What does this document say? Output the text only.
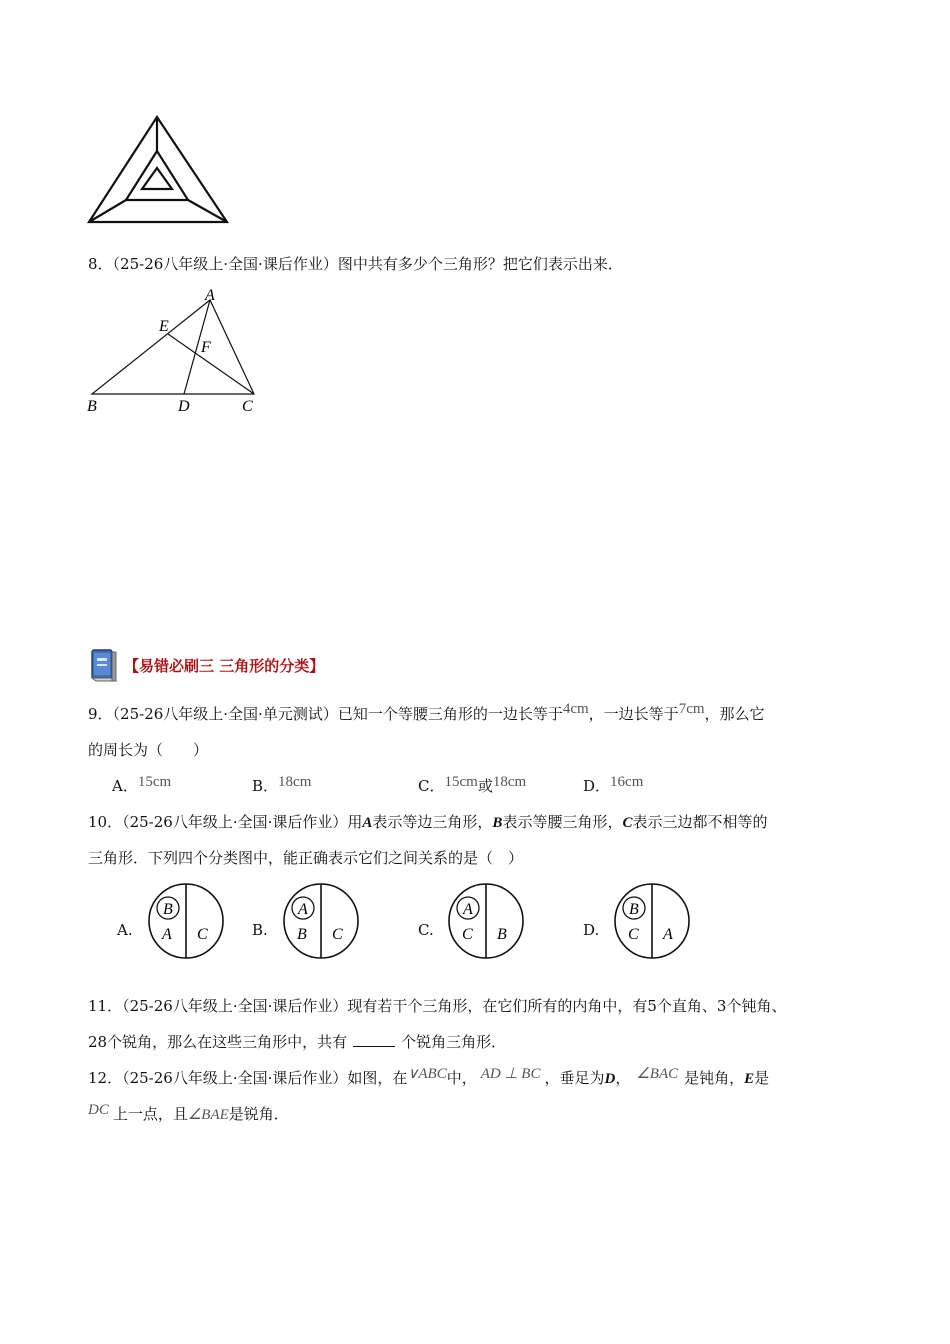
8．（25-26八年级上·全国·课后作业）图中共有多少个三角形？把它们表示出来．
A
E
F
B	D	C
【易错必刷三 三角形的分类】
9．（25-26八年级上·全国·单元测试）已知一个等腰三角形的一边长等于4cm，一边长等于7cm，那么它
的周长为（　　）
A．15cm	B．18cm	C．15cm或18cm	D．16cm
10．（25-26八年级上·全国·课后作业）用A表示等边三角形，B表示等腰三角形，C表示三边都不相等的
三角形．下列四个分类图中，能正确表示它们之间关系的是（　）
A.
B
A C	B.
A
B C	C.
A
C B	D.
B
C A
11．（25-26八年级上·全国·课后作业）现有若干个三角形，在它们所有的内角中，有5个直角、3个钝角、
28个锐角，那么在这些三角形中，共有	个锐角三角形．
12．（25-26八年级上·全国·课后作业）如图，在∨ABC中， AD ⊥ BC ，垂足为D， ∠BAC 是钝角，E是
DC 上一点，且∠BAE是锐角．
